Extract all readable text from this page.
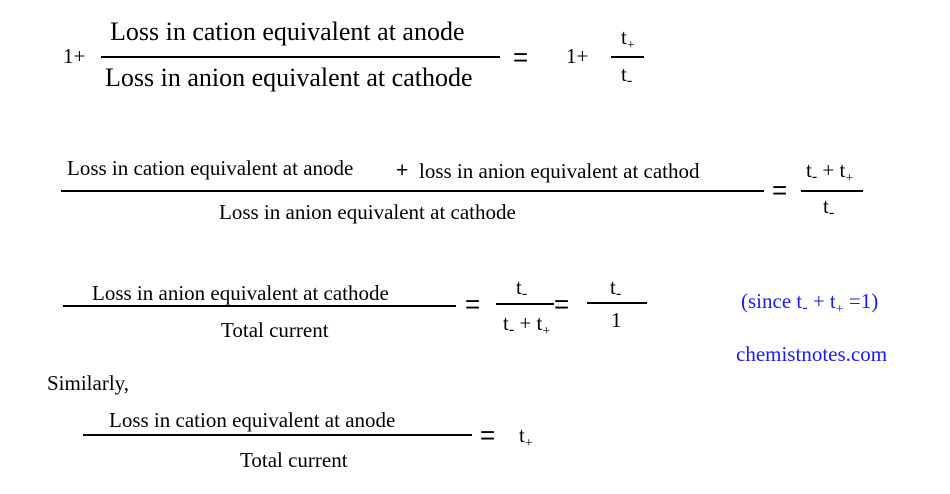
1+
Loss in cation equivalent at anode
Loss in anion equivalent at cathode
= 1+
$t_+$
t-
Loss in cation equivalent at anode + loss in anion equivalent at cathod
Loss in anion equivalent at cathode
=
$t- + t_+$
t-
Loss in anion equivalent at cathode
Total current
=
t-
$t- + t_+$
=
t-
1
(since $t- + t_+ =1$)
chemistnotes.com
Similarly,
Loss in cation equivalent at anode
Total current
= $t_+$
